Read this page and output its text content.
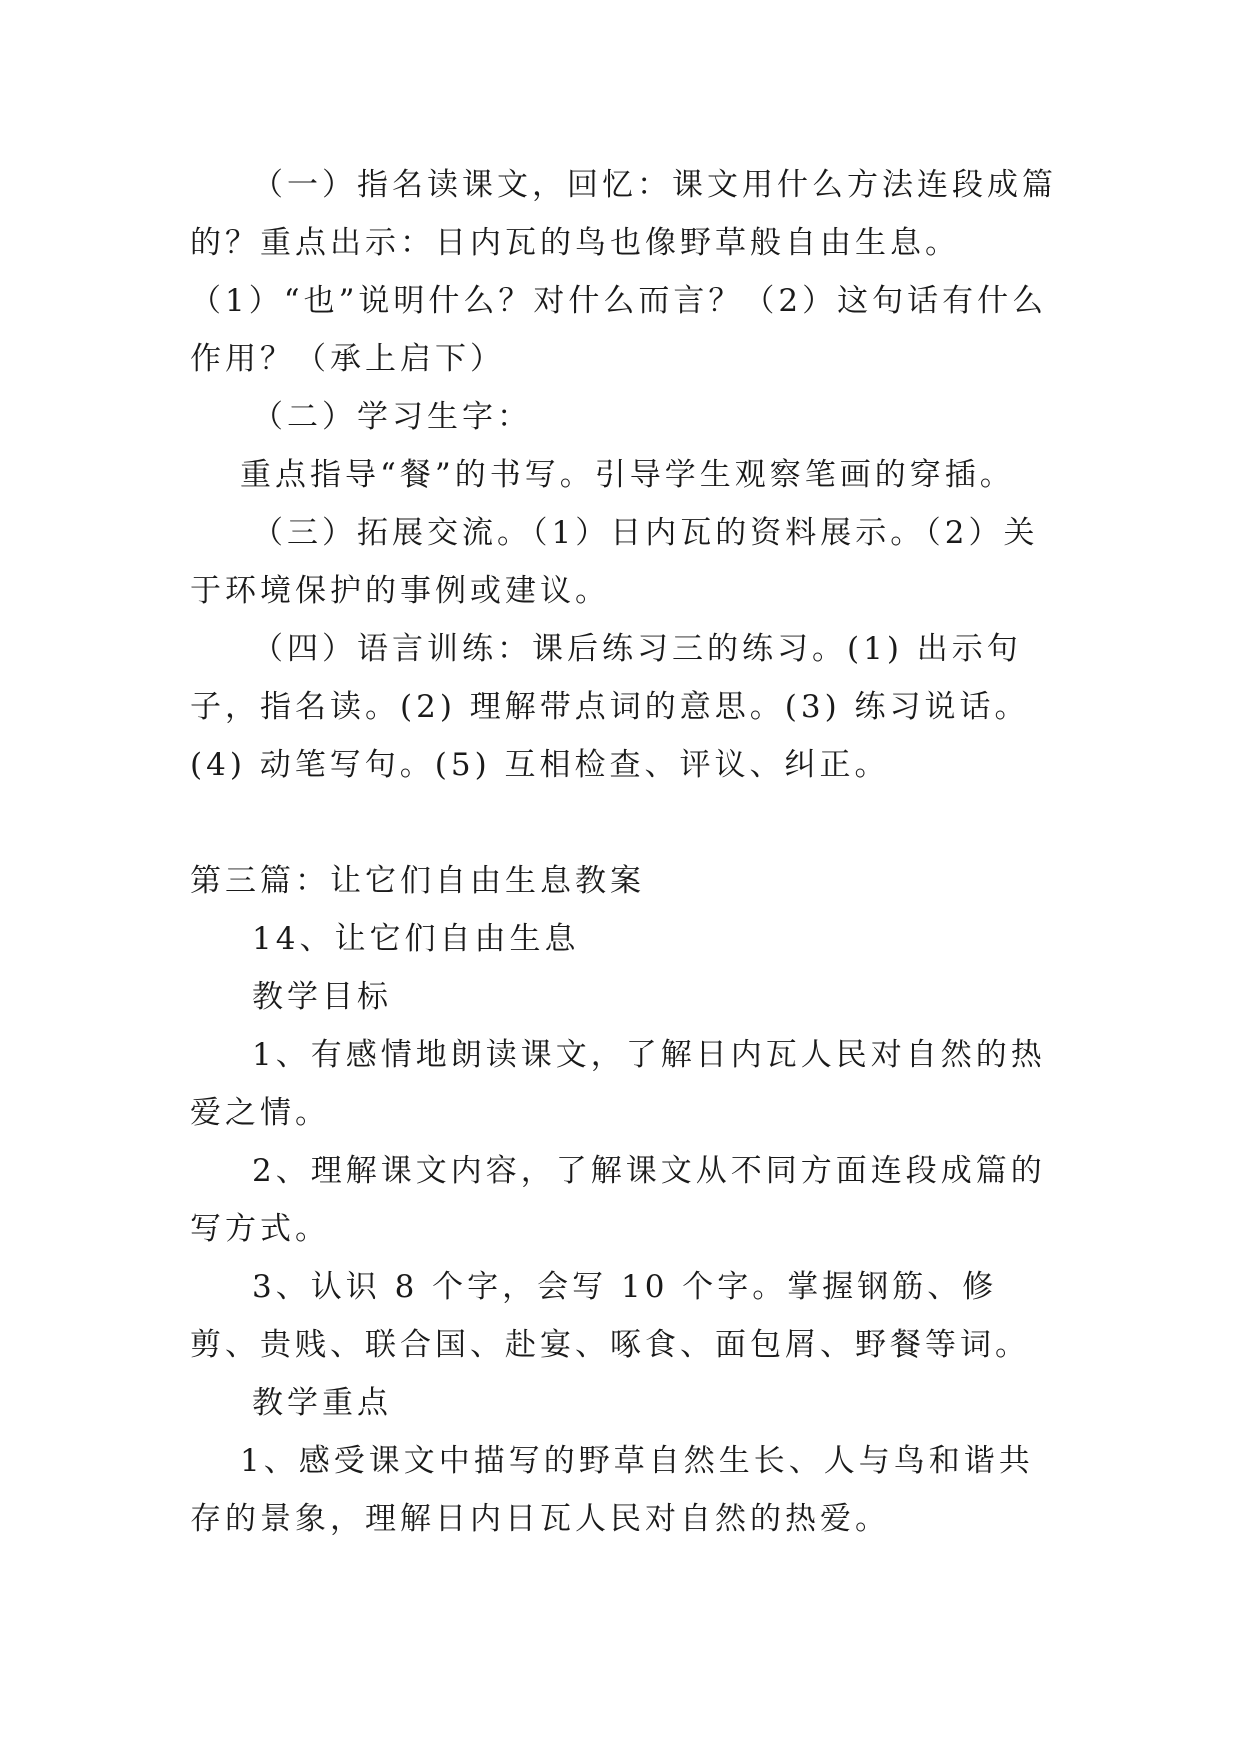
（一）指名读课文，回忆：课文用什么方法连段成篇的？重点出示：日内瓦的鸟也像野草般自由生息。（1）“也”说明什么？对什么而言？（2）这句话有什么作用？（承上启下）

（二）学习生字：

重点指导“餐”的书写。引导学生观察笔画的穿插。

（三）拓展交流。（1）日内瓦的资料展示。（2）关于环境保护的事例或建议。

（四）语言训练：课后练习三的练习。(1) 出示句子，指名读。(2) 理解带点词的意思。(3) 练习说话。(4) 动笔写句。(5) 互相检查、评议、纠正。

第三篇：让它们自由生息教案

14、让它们自由生息

教学目标

1、有感情地朗读课文，了解日内瓦人民对自然的热爱之情。

2、理解课文内容，了解课文从不同方面连段成篇的写方式。

3、认识 8 个字，会写 10 个字。掌握钢筋、修剪、贵贱、联合国、赴宴、啄食、面包屑、野餐等词。

教学重点

1、感受课文中描写的野草自然生长、人与鸟和谐共存的景象，理解日内日瓦人民对自然的热爱。
